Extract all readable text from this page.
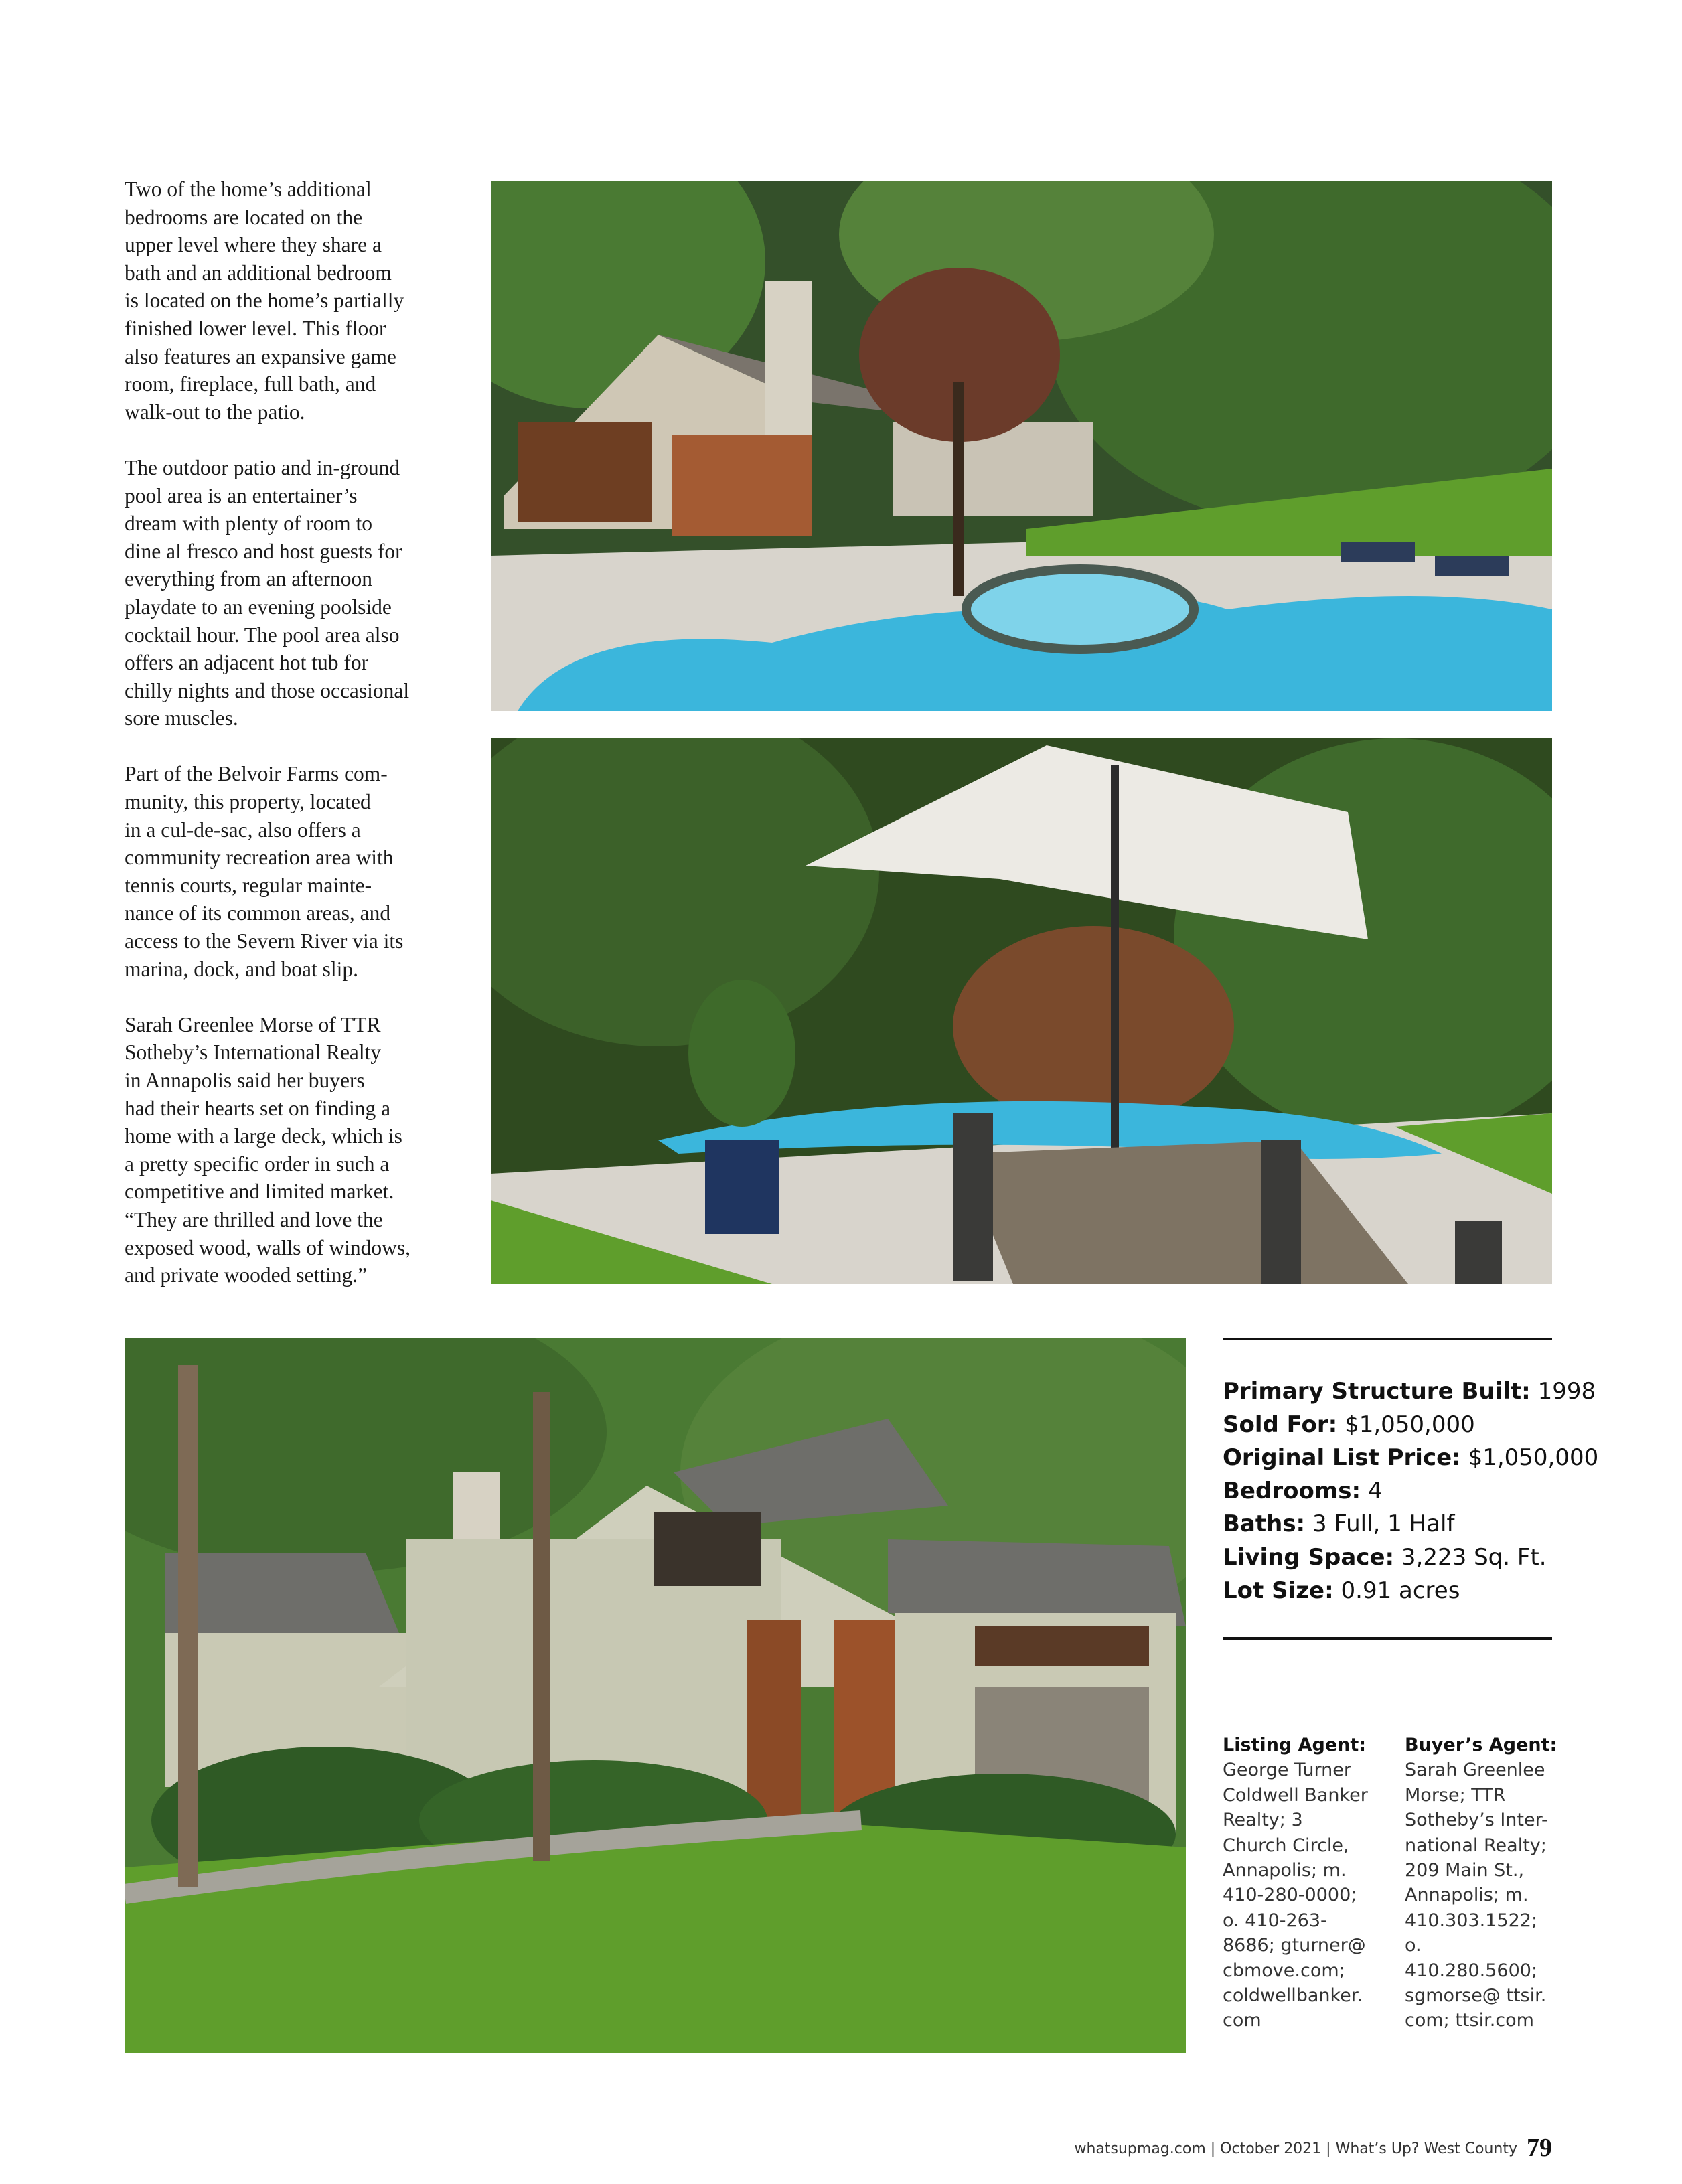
Two of the home’s additional
bedrooms are located on the
upper level where they share a
bath and an additional bedroom
is located on the home’s partially
finished lower level. This floor
also features an expansive game
room, fireplace, full bath, and
walk-out to the patio.

The outdoor patio and in-ground
pool area is an entertainer’s
dream with plenty of room to
dine al fresco and host guests for
everything from an afternoon
playdate to an evening poolside
cocktail hour. The pool area also
offers an adjacent hot tub for
chilly nights and those occasional
sore muscles.

Part of the Belvoir Farms com-
munity, this property, located
in a cul-de-sac, also offers a
community recreation area with
tennis courts, regular mainte-
nance of its common areas, and
access to the Severn River via its
marina, dock, and boat slip.

Sarah Greenlee Morse of TTR
Sotheby’s International Realty
in Annapolis said her buyers
had their hearts set on finding a
home with a large deck, which is
a pretty specific order in such a
competitive and limited market.
“They are thrilled and love the
exposed wood, walls of windows,
and private wooded setting.”

Primary Structure Built: 1998
Sold For: $1,050,000
Original List Price: $1,050,000
Bedrooms: 4
Baths: 3 Full, 1 Half
Living Space: 3,223 Sq. Ft.
Lot Size: 0.91 acres
Listing Agent:
George Turner
Coldwell Banker
Realty; 3
Church Circle,
Annapolis; m.
410-280-0000;
o. 410-263-
8686; gturner@
cbmove.com;
coldwellbanker.
com
Buyer’s Agent:
Sarah Greenlee
Morse; TTR
Sotheby’s Inter-
national Realty;
209 Main St.,
Annapolis; m.
410.303.1522; o.
410.280.5600;
sgmorse@ ttsir.
com; ttsir.com
whatsupmag.com | October 2021 | What’s Up? West County 79
